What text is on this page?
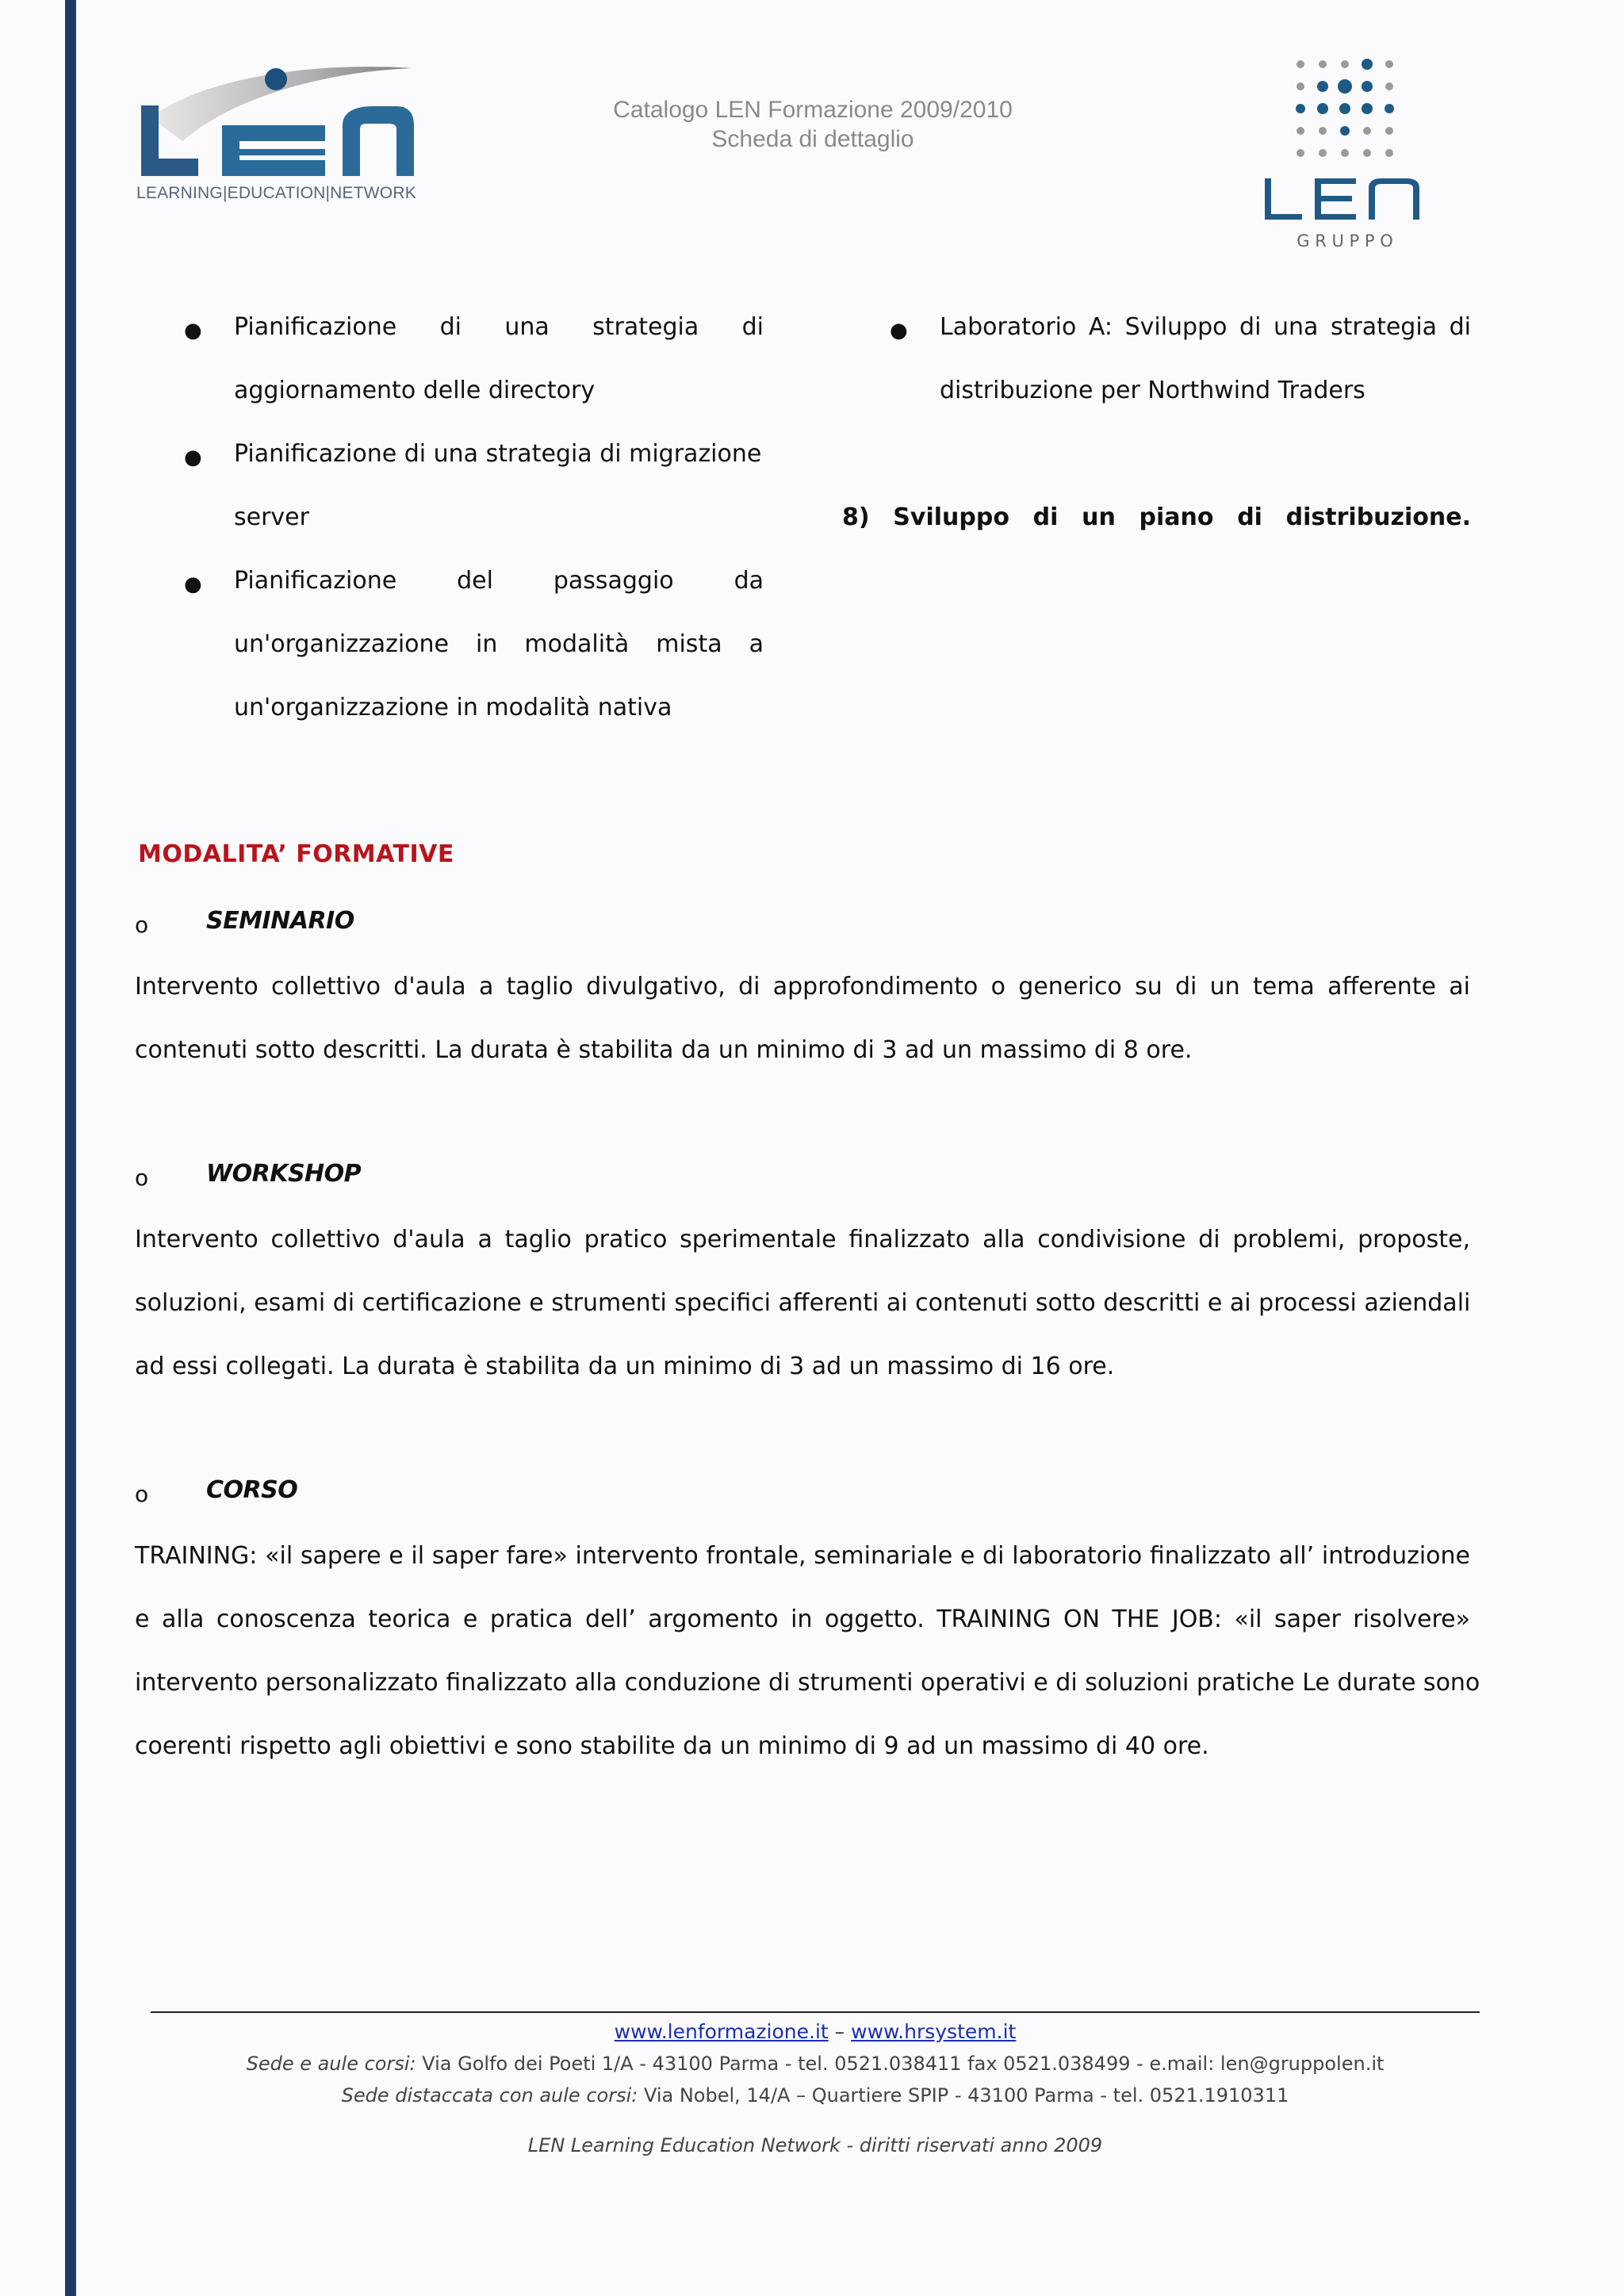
LEARNING|EDUCATION|NETWORK
Catalogo LEN Formazione 2009/2010
Scheda di dettaglio
G R U P P O
● Pianificazione di una strategia di
aggiornamento delle directory
● Pianificazione di una strategia di migrazione
server
● Pianificazione del passaggio da
un'organizzazione in modalità mista a
un'organizzazione in modalità nativa
● Laboratorio A: Sviluppo di una strategia di
distribuzione per Northwind Traders
8) Sviluppo di un piano di distribuzione.
MODALITA’ FORMATIVE
o SEMINARIO
Intervento collettivo d'aula a taglio divulgativo, di approfondimento o generico su di un tema afferente ai
contenuti sotto descritti. La durata è stabilita da un minimo di 3 ad un massimo di 8 ore.
o WORKSHOP
Intervento collettivo d'aula a taglio pratico sperimentale finalizzato alla condivisione di problemi, proposte,
soluzioni, esami di certificazione e strumenti specifici afferenti ai contenuti sotto descritti e ai processi aziendali
ad essi collegati. La durata è stabilita da un minimo di 3 ad un massimo di 16 ore.
o CORSO
TRAINING: «il sapere e il saper fare» intervento frontale, seminariale e di laboratorio finalizzato all’ introduzione
e alla conoscenza teorica e pratica dell’ argomento in oggetto. TRAINING ON THE JOB: «il saper risolvere»
intervento personalizzato finalizzato alla conduzione di strumenti operativi e di soluzioni pratiche Le durate sono
coerenti rispetto agli obiettivi e sono stabilite da un minimo di 9 ad un massimo di 40 ore.
www.lenformazione.it – www.hrsystem.it
Sede e aule corsi: Via Golfo dei Poeti 1/A - 43100 Parma - tel. 0521.038411 fax 0521.038499 - e.mail: len@gruppolen.it
Sede distaccata con aule corsi: Via Nobel, 14/A – Quartiere SPIP - 43100 Parma - tel. 0521.1910311
LEN Learning Education Network - diritti riservati anno 2009
